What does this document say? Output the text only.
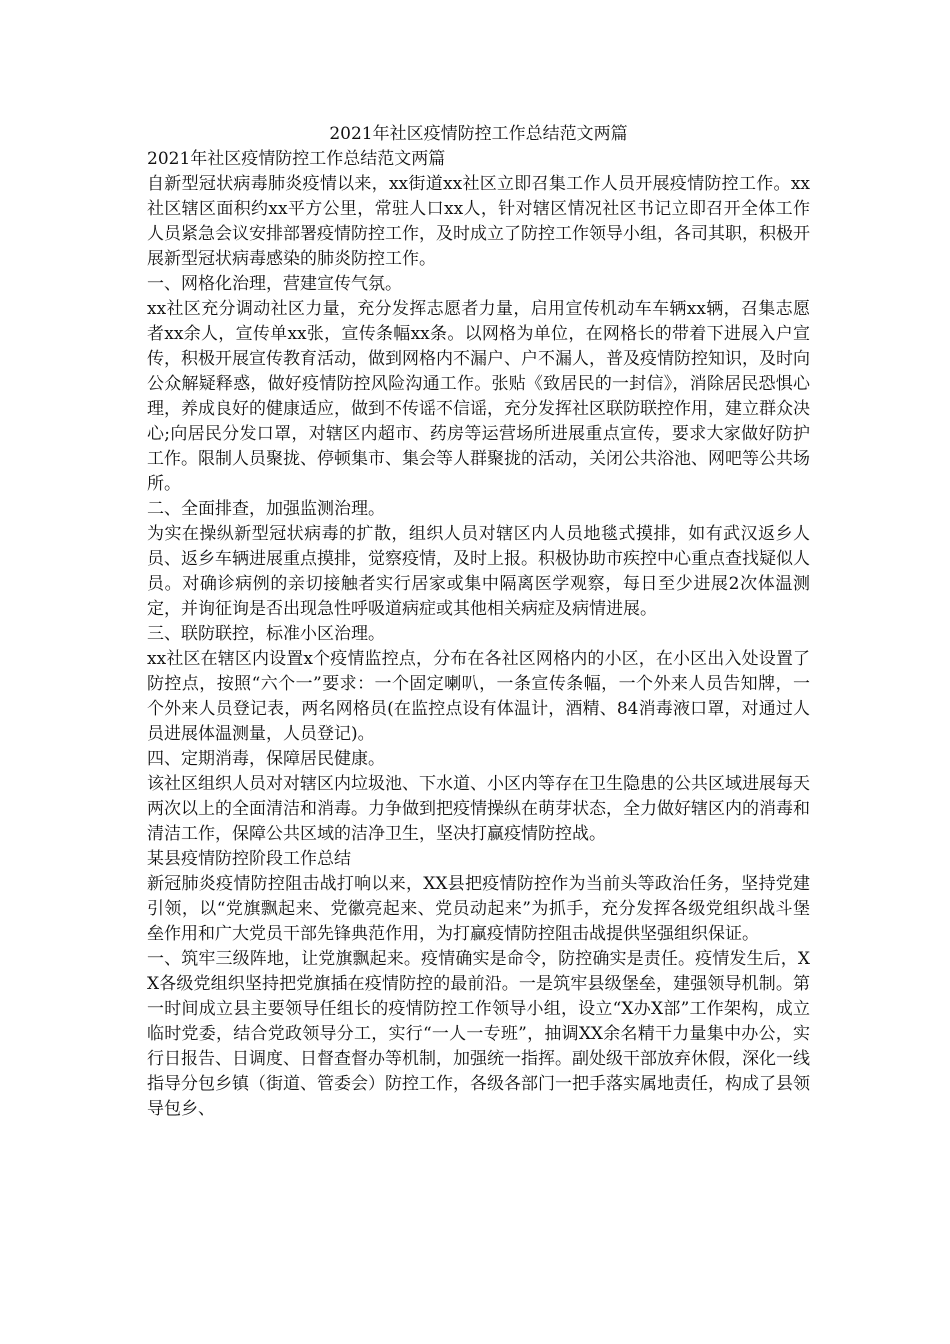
2021年社区疫情防控工作总结范文两篇

2021年社区疫情防控工作总结范文两篇

自新型冠状病毒肺炎疫情以来，xx街道xx社区立即召集工作人员开展疫情防控工作。xx社区辖区面积约xx平方公里，常驻人口xx人，针对辖区情况社区书记立即召开全体工作人员紧急会议安排部署疫情防控工作，及时成立了防控工作领导小组，各司其职，积极开展新型冠状病毒感染的肺炎防控工作。

一、网格化治理，营建宣传气氛。

xx社区充分调动社区力量，充分发挥志愿者力量，启用宣传机动车车辆xx辆，召集志愿者xx余人，宣传单xx张，宣传条幅xx条。以网格为单位，在网格长的带着下进展入户宣传，积极开展宣传教育活动，做到网格内不漏户、户不漏人，普及疫情防控知识，及时向公众解疑释惑，做好疫情防控风险沟通工作。张贴《致居民的一封信》，消除居民恐惧心理，养成良好的健康适应，做到不传谣不信谣，充分发挥社区联防联控作用，建立群众决心;向居民分发口罩，对辖区内超市、药房等运营场所进展重点宣传，要求大家做好防护工作。限制人员聚拢、停顿集市、集会等人群聚拢的活动，关闭公共浴池、网吧等公共场所。

二、全面排查，加强监测治理。

为实在操纵新型冠状病毒的扩散，组织人员对辖区内人员地毯式摸排，如有武汉返乡人员、返乡车辆进展重点摸排，觉察疫情，及时上报。积极协助市疾控中心重点查找疑似人员。对确诊病例的亲切接触者实行居家或集中隔离医学观察，每日至少进展2次体温测定，并询征询是否出现急性呼吸道病症或其他相关病症及病情进展。

三、联防联控，标准小区治理。

xx社区在辖区内设置x个疫情监控点，分布在各社区网格内的小区，在小区出入处设置了防控点，按照“六个一”要求：一个固定喇叭，一条宣传条幅，一个外来人员告知牌，一个外来人员登记表，两名网格员(在监控点设有体温计，酒精、84消毒液口罩，对通过人员进展体温测量，人员登记)。

四、定期消毒，保障居民健康。

该社区组织人员对对辖区内垃圾池、下水道、小区内等存在卫生隐患的公共区域进展每天两次以上的全面清洁和消毒。力争做到把疫情操纵在萌芽状态，全力做好辖区内的消毒和清洁工作，保障公共区域的洁净卫生，坚决打赢疫情防控战。

某县疫情防控阶段工作总结

新冠肺炎疫情防控阻击战打响以来，XX县把疫情防控作为当前头等政治任务，坚持党建引领，以“党旗飘起来、党徽亮起来、党员动起来”为抓手，充分发挥各级党组织战斗堡垒作用和广大党员干部先锋典范作用，为打赢疫情防控阻击战提供坚强组织保证。

一、筑牢三级阵地，让党旗飘起来。疫情确实是命令，防控确实是责任。疫情发生后，XX各级党组织坚持把党旗插在疫情防控的最前沿。一是筑牢县级堡垒，建强领导机制。第一时间成立县主要领导任组长的疫情防控工作领导小组，设立“X办X部”工作架构，成立临时党委，结合党政领导分工，实行“一人一专班”，抽调XX余名精干力量集中办公，实行日报告、日调度、日督查督办等机制，加强统一指挥。副处级干部放弃休假，深化一线指导分包乡镇（街道、管委会）防控工作，各级各部门一把手落实属地责任，构成了县领导包乡、
